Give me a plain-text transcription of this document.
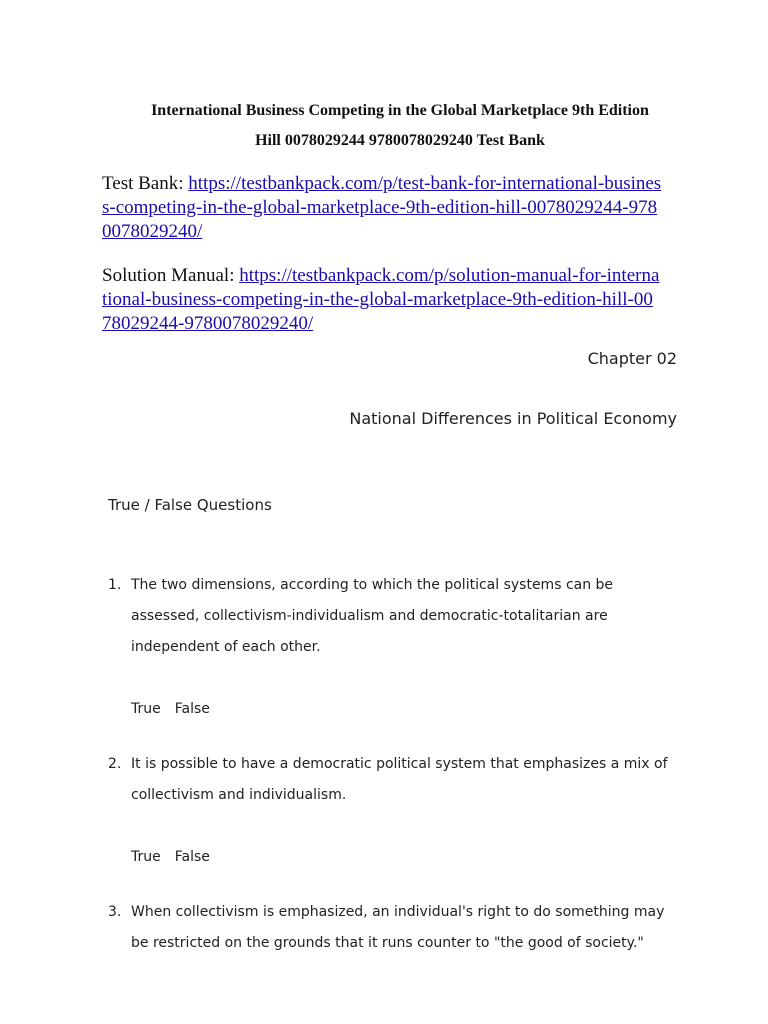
International Business Competing in the Global Marketplace 9th Edition
Hill 0078029244 9780078029240 Test Bank
Test Bank: https://testbankpack.com/p/test-bank-for-international-business-competing-in-the-global-marketplace-9th-edition-hill-0078029244-9780078029240/
Solution Manual: https://testbankpack.com/p/solution-manual-for-international-business-competing-in-the-global-marketplace-9th-edition-hill-0078029244-9780078029240/
Chapter 02
National Differences in Political Economy
True / False Questions
1. The two dimensions, according to which the political systems can be assessed, collectivism-individualism and democratic-totalitarian are independent of each other.
True False
2. It is possible to have a democratic political system that emphasizes a mix of collectivism and individualism.
True False
3. When collectivism is emphasized, an individual's right to do something may be restricted on the grounds that it runs counter to "the good of society."
